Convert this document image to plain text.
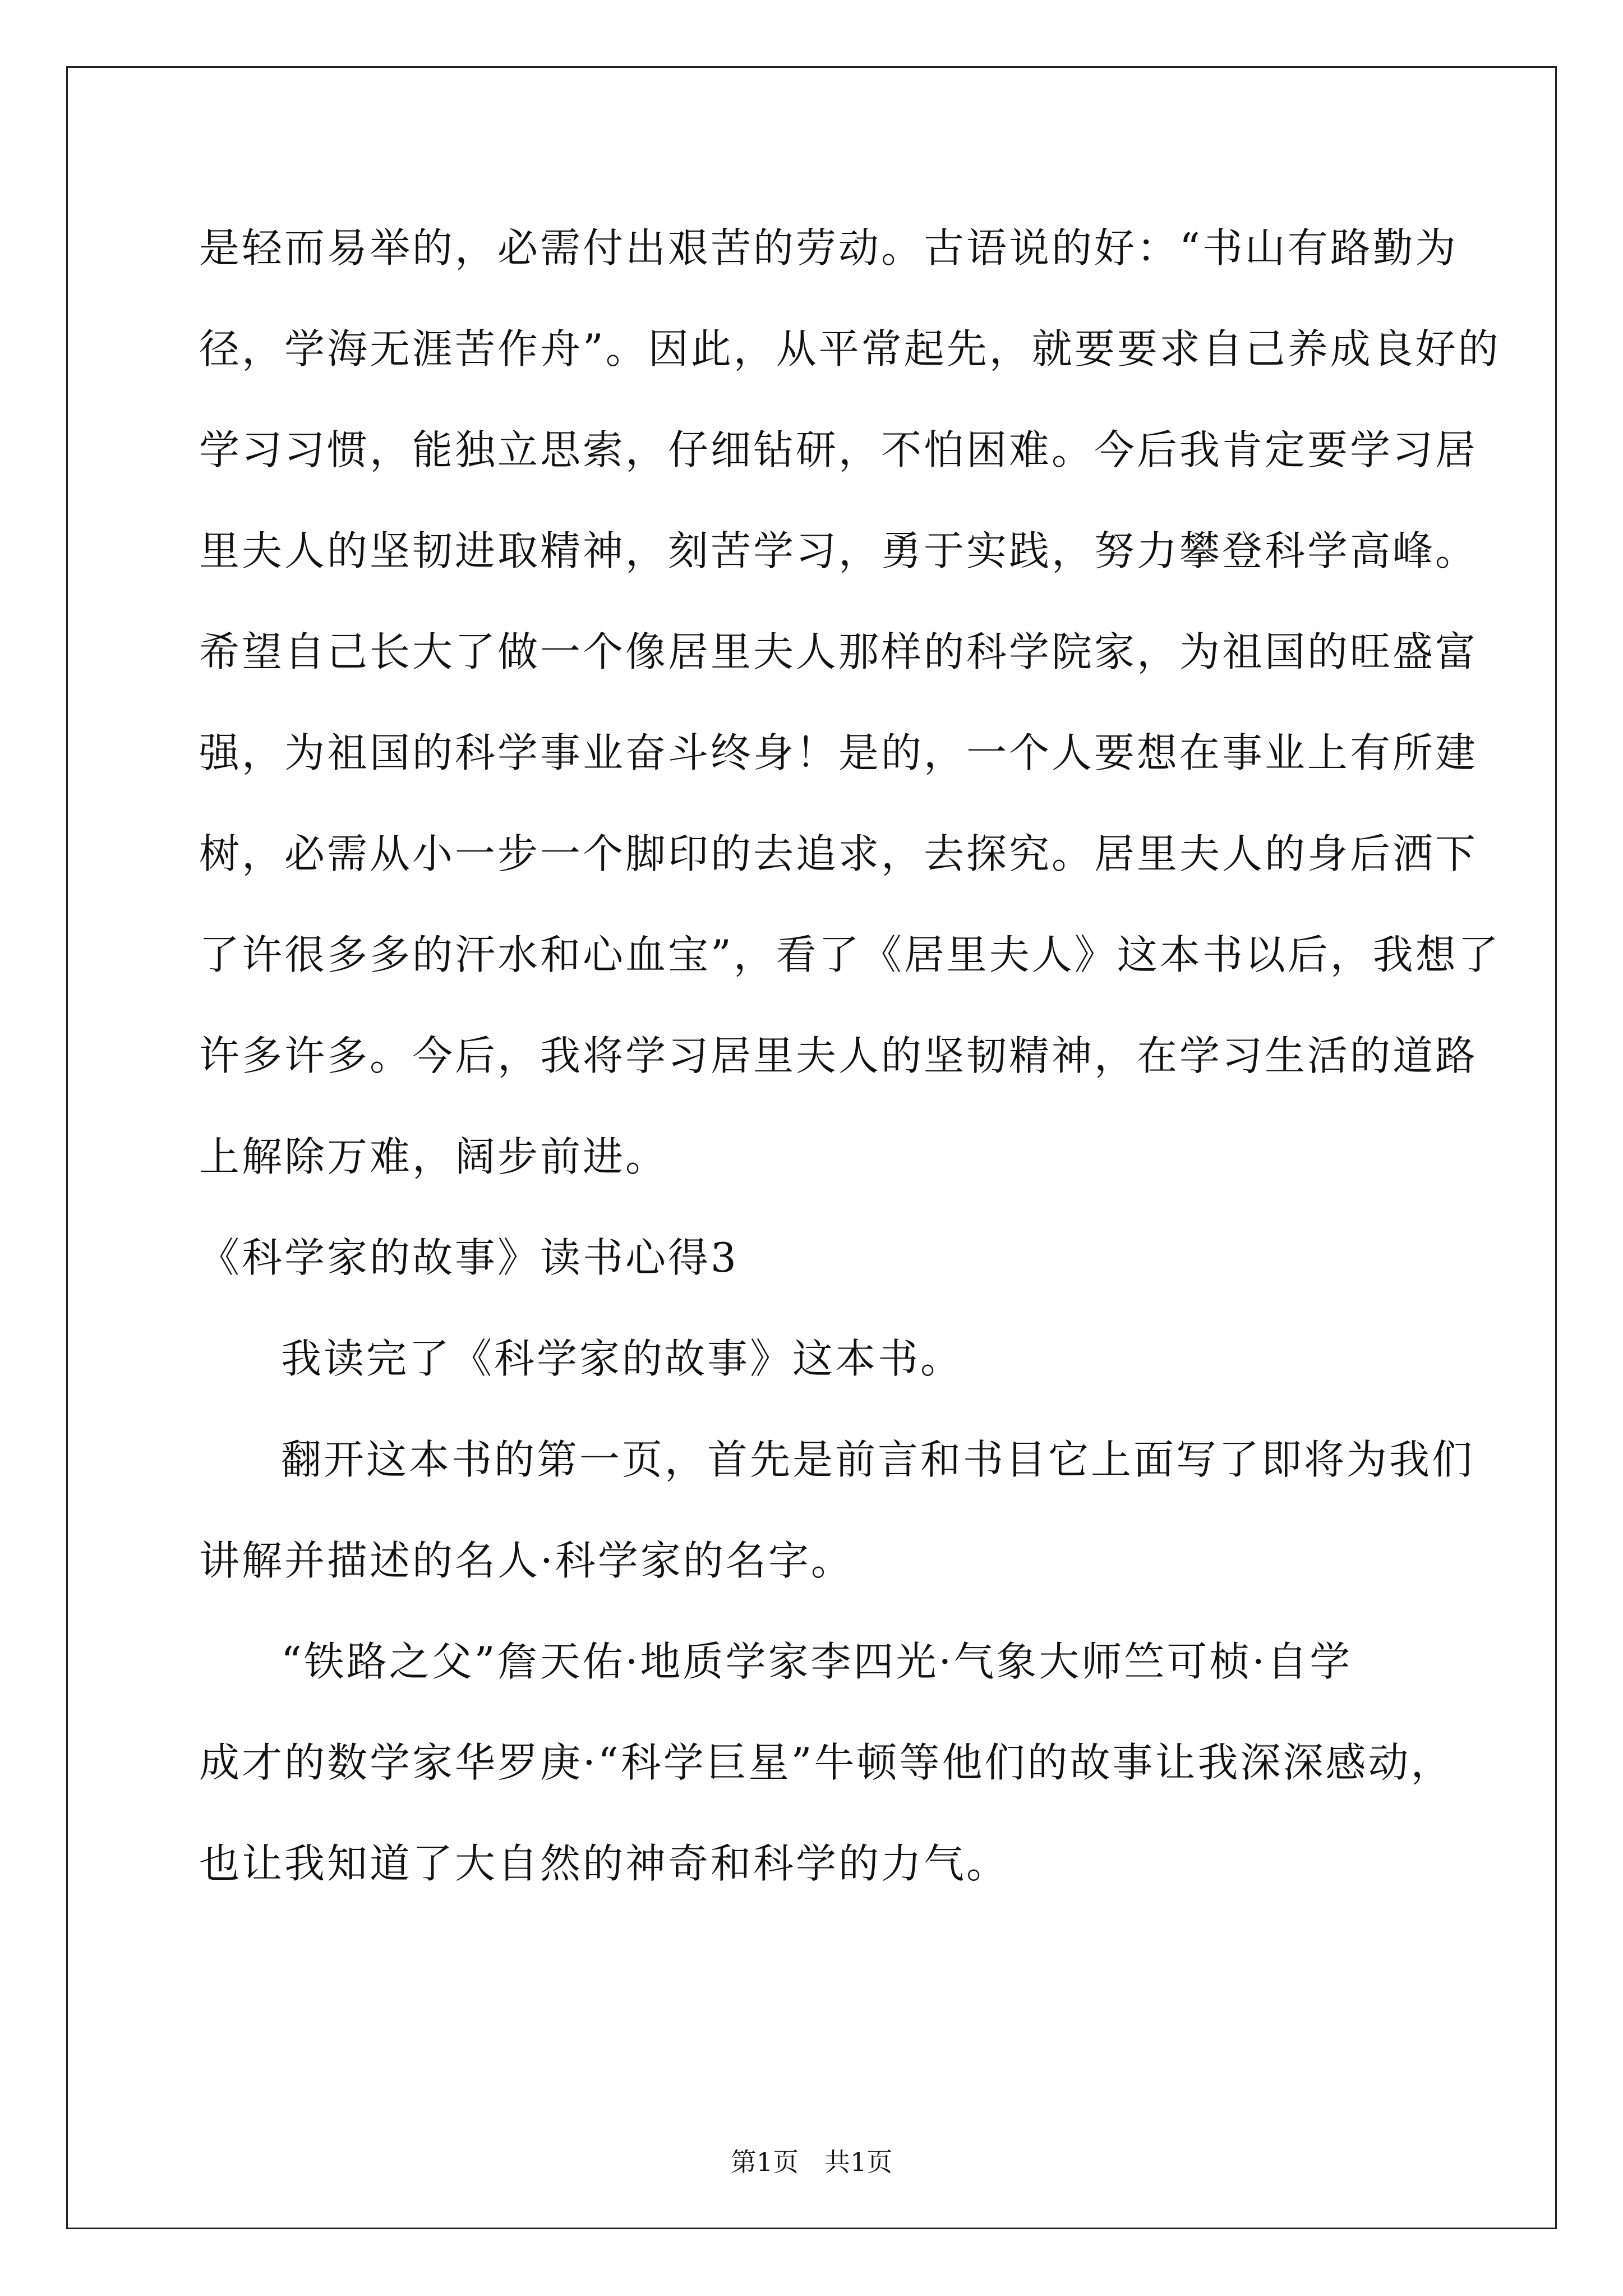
是轻而易举的，必需付出艰苦的劳动。古语说的好：“书山有路勤为
径，学海无涯苦作舟”。因此，从平常起先，就要要求自己养成良好的
学习习惯，能独立思索，仔细钻研，不怕困难。今后我肯定要学习居
里夫人的坚韧进取精神，刻苦学习，勇于实践，努力攀登科学高峰。
希望自己长大了做一个像居里夫人那样的科学院家，为祖国的旺盛富
强，为祖国的科学事业奋斗终身！是的，一个人要想在事业上有所建
树，必需从小一步一个脚印的去追求，去探究。居里夫人的身后洒下
了许很多多的汗水和心血宝”，看了《居里夫人》这本书以后，我想了
许多许多。今后，我将学习居里夫人的坚韧精神，在学习生活的道路
上解除万难，阔步前进。
《科学家的故事》读书心得3
我读完了《科学家的故事》这本书。
翻开这本书的第一页，首先是前言和书目它上面写了即将为我们
讲解并描述的名人·科学家的名字。
“铁路之父”詹天佑·地质学家李四光·气象大师竺可桢·自学
成才的数学家华罗庚·“科学巨星”牛顿等他们的故事让我深深感动，
也让我知道了大自然的神奇和科学的力气。
第1页　共1页
